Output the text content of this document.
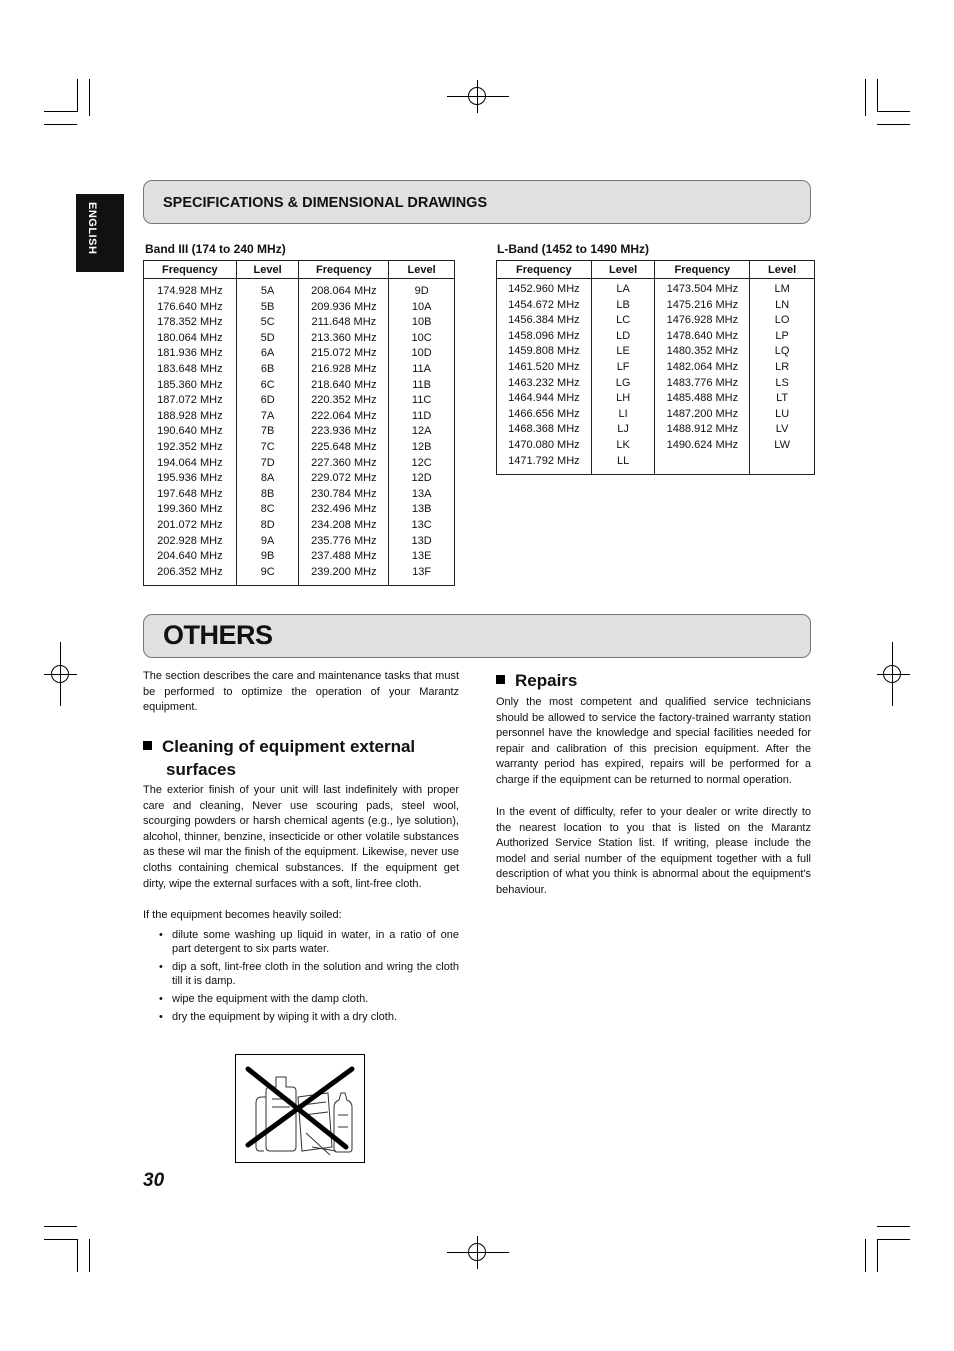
ENGLISH	SPECIFICATIONS & DIMENSIONAL DRAWINGS
Band III (174 to 240 MHz)
Frequency	Level	Frequency	Level

174.928 MHz	5A	208.064 MHz	9D
176.640 MHz	5B	209.936 MHz	10A
178.352 MHz	5C	211.648 MHz	10B
180.064 MHz	5D	213.360 MHz	10C
181.936 MHz	6A	215.072 MHz	10D
183.648 MHz	6B	216.928 MHz	11A
185.360 MHz	6C	218.640 MHz	11B
187.072 MHz	6D	220.352 MHz	11C
188.928 MHz	7A	222.064 MHz	11D
190.640 MHz	7B	223.936 MHz	12A
192.352 MHz	7C	225.648 MHz	12B
194.064 MHz	7D	227.360 MHz	12C
195.936 MHz	8A	229.072 MHz	12D
197.648 MHz	8B	230.784 MHz	13A
199.360 MHz	8C	232.496 MHz	13B
201.072 MHz	8D	234.208 MHz	13C
202.928 MHz	9A	235.776 MHz	13D
204.640 MHz	9B	237.488 MHz	13E
206.352 MHz	9C	239.200 MHz	13F

L-Band (1452 to 1490 MHz)
Frequency	Level	Frequency	Level

1452.960 MHz	LA	1473.504 MHz	LM
1454.672 MHz	LB	1475.216 MHz	LN
1456.384 MHz	LC	1476.928 MHz	LO
1458.096 MHz	LD	1478.640 MHz	LP
1459.808 MHz	LE	1480.352 MHz	LQ
1461.520 MHz	LF	1482.064 MHz	LR
1463.232 MHz	LG	1483.776 MHz	LS
1464.944 MHz	LH	1485.488 MHz	LT
1466.656 MHz	LI	1487.200 MHz	LU
1468.368 MHz	LJ	1488.912 MHz	LV
1470.080 MHz	LK	1490.624 MHz	LW
1471.792 MHz	LL		

OTHERS
The section describes the care and maintenance tasks that must be performed to optimize the operation of your Marantz equipment.
Cleaning of equipment external
surfaces
The exterior finish of your unit will last indefinitely with proper care and cleaning, Never use scouring pads, steel wool, scourging powders or harsh chemical agents (e.g., lye solution), alcohol, thinner, benzine, insecticide or other volatile substances as these wil mar the finish of the equipment. Likewise, never use cloths containing chemical substances. If the equipment get dirty, wipe the external surfaces with a soft, lint-free cloth.
If the equipment becomes heavily soiled:
• dilute some washing up liquid in water, in a ratio of one part detergent to six parts water.
• dip a soft, lint-free cloth in the solution and wring the cloth till it is damp.
• wipe the equipment with the damp cloth.
• dry the equipment by wiping it with a dry cloth.
Repairs
Only the most competent and qualified service technicians should be allowed to service the factory-trained warranty station personnel have the knowledge and special facilities needed for repair and calibration of this precision equipment. After the warranty period has expired, repairs will be performed for a charge if the equipment can be returned to normal operation.
In the event of difficulty, refer to your dealer or write directly to the nearest location to you that is listed on the Marantz Authorized Service Station list. If writing, please include the model and serial number of the equipment together with a full description of what you think is abnormal about the equipment's behaviour.
30
